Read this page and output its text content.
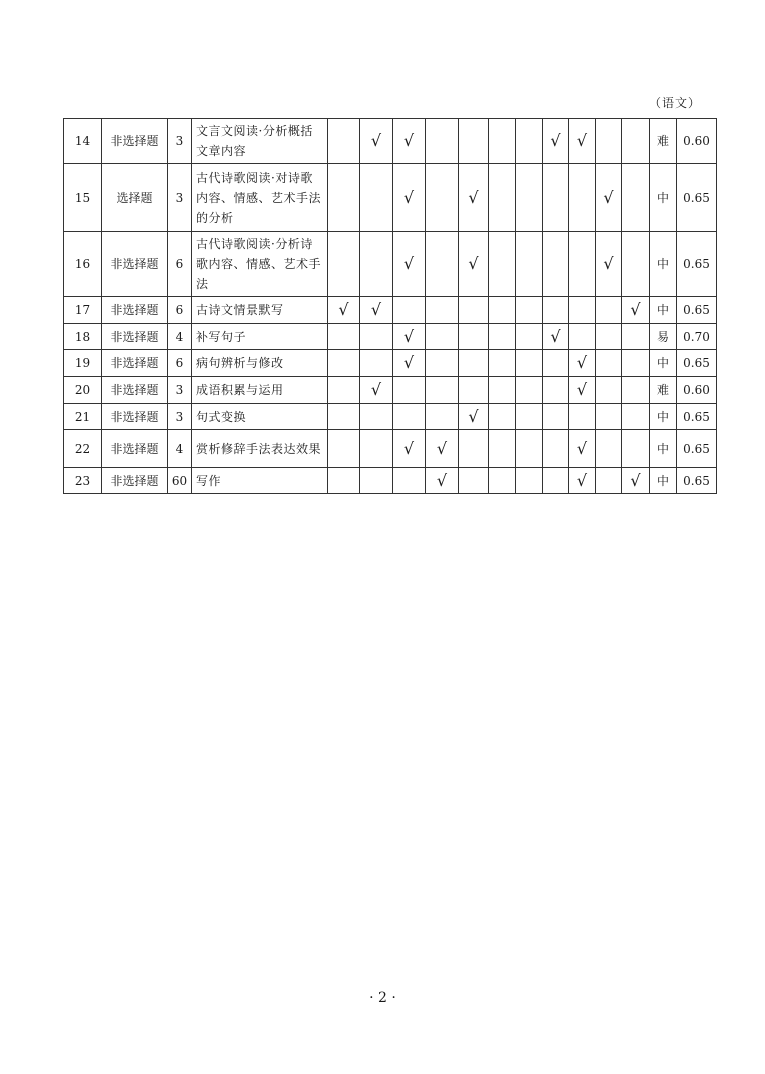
（语文）
14	非选择题	3	文言文阅读·分析概括文章内容		√	√					√	√			难	0.60
15	选择题	3	古代诗歌阅读·对诗歌内容、情感、艺术手法的分析			√		√					√		中	0.65
16	非选择题	6	古代诗歌阅读·分析诗歌内容、情感、艺术手法			√		√					√		中	0.65
17	非选择题	6	古诗文情景默写	√	√									√	中	0.65
18	非选择题	4	补写句子			√					√				易	0.70
19	非选择题	6	病句辨析与修改			√						√			中	0.65
20	非选择题	3	成语积累与运用		√							√			难	0.60
21	非选择题	3	句式变换					√							中	0.65
22	非选择题	4	赏析修辞手法表达效果			√	√					√			中	0.65
23	非选择题	60	写作				√					√		√	中	0.65
· 2 ·
